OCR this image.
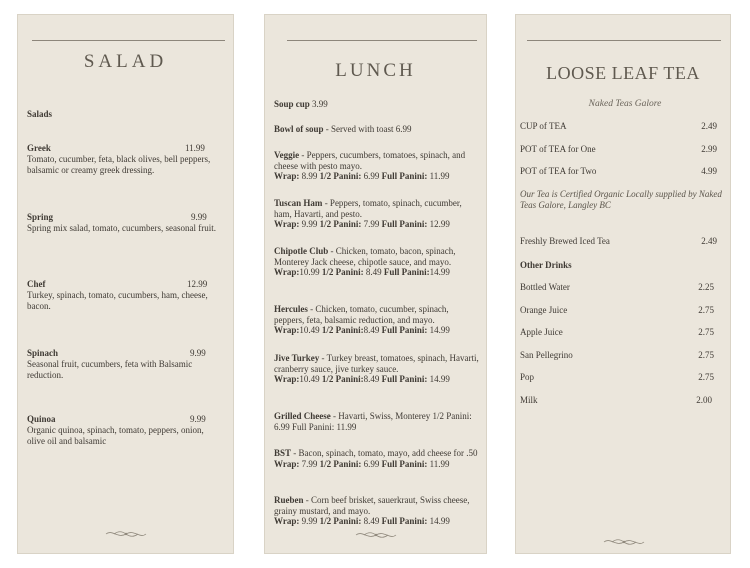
SALAD
Salads
Greek	11.99
Tomato, cucumber, feta, black olives, bell peppers, balsamic or creamy greek dressing.
Spring	9.99
Spring mix salad, tomato, cucumbers, seasonal fruit.
Chef	12.99
Turkey, spinach, tomato, cucumbers, ham, cheese, bacon.
Spinach	9.99
Seasonal fruit, cucumbers, feta with Balsamic reduction.
Quinoa	9.99
Organic quinoa, spinach, tomato, peppers, onion, olive oil and balsamic
LUNCH
Soup cup 3.99
Bowl of soup - Served with toast 6.99
Veggie - Peppers, cucumbers, tomatoes, spinach, and cheese with pesto mayo.
Wrap: 8.99 1/2 Panini: 6.99 Full Panini: 11.99
Tuscan Ham - Peppers, tomato, spinach, cucumber, ham, Havarti, and pesto.
Wrap: 9.99 1/2 Panini: 7.99 Full Panini: 12.99
Chipotle Club - Chicken, tomato, bacon, spinach, Monterey Jack cheese, chipotle sauce, and mayo.
Wrap:10.99 1/2 Panini: 8.49 Full Panini:14.99
Hercules - Chicken, tomato, cucumber, spinach, peppers, feta, balsamic reduction, and mayo.
Wrap:10.49 1/2 Panini:8.49 Full Panini: 14.99
Jive Turkey - Turkey breast, tomatoes, spinach, Havarti, cranberry sauce, jive turkey sauce.
Wrap:10.49 1/2 Panini:8.49 Full Panini: 14.99
Grilled Cheese - Havarti, Swiss, Monterey 1/2 Panini: 6.99 Full Panini: 11.99
BST - Bacon, spinach, tomato, mayo, add cheese for .50
Wrap: 7.99 1/2 Panini: 6.99 Full Panini: 11.99
Rueben - Corn beef brisket, sauerkraut, Swiss cheese, grainy mustard, and mayo.
Wrap: 9.99 1/2 Panini: 8.49 Full Panini: 14.99
LOOSE LEAF TEA
Naked Teas Galore
CUP of TEA	2.49
POT of TEA for One	2.99
POT of TEA for Two	4.99
Our Tea is Certified Organic Locally supplied by Naked Teas Galore, Langley BC
Freshly Brewed Iced Tea	2.49
Other Drinks
Bottled Water	2.25
Orange Juice	2.75
Apple Juice	2.75
San Pellegrino	2.75
Pop	2.75
Milk	2.00
